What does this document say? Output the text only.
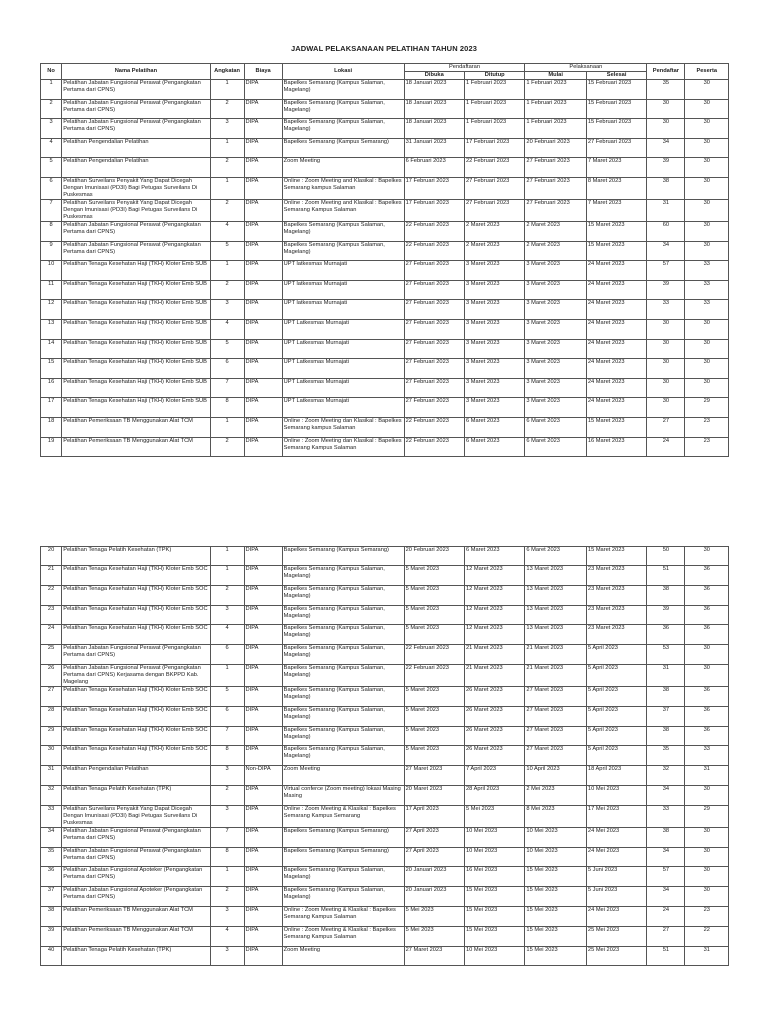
JADWAL PELAKSANAAN PELATIHAN TAHUN 2023
No	Nama Pelatihan	Angkatan	Biaya	Lokasi	Pendaftaran		Pelaksanaan		Pendaftar	Peserta
					Dibuka	Ditutup	Mulai	Selesai		
1	Pelatihan Jabatan Fungsional Perawat (Pengangkatan Pertama dari CPNS)	1	DIPA	Bapelkes Semarang (Kampus Salaman, Magelang)	18 Januari 2023	1 Februari 2023	1 Februari 2023	15 Februari 2023	35	30
2	Pelatihan Jabatan Fungsional Perawat (Pengangkatan Pertama dari CPNS)	2	DIPA	Bapelkes Semarang (Kampus Salaman, Magelang)	18 Januari 2023	1 Februari 2023	1 Februari 2023	15 Februari 2023	30	30
3	Pelatihan Jabatan Fungsional Perawat (Pengangkatan Pertama dari CPNS)	3	DIPA	Bapelkes Semarang (Kampus Salaman, Magelang)	18 Januari 2023	1 Februari 2023	1 Februari 2023	15 Februari 2023	30	30
4	Pelatihan Pengendalian Pelatihan	1	DIPA	Bapelkes Semarang (Kampus Semarang)	31 Januari 2023	17 Februari 2023	20 Februari 2023	27 Februari 2023	34	30
5	Pelatihan Pengendalian Pelatihan	2	DIPA	Zoom Meeting	6 Februari 2023	22 Februari 2023	27 Februari 2023	7 Maret 2023	39	30
6	Pelatihan Surveilans Penyakit Yang Dapat Dicegah Dengan Imunisasi (PD3I) Bagi Petugas Surveilans Di Puskesmas	1	DIPA	Online : Zoom Meeting and Klasikal : Bapelkes Semarang kampus Salaman	17 Februari 2023	27 Februari 2023	27 Februari 2023	8 Maret 2023	38	30
7	Pelatihan Surveilans Penyakit Yang Dapat Dicegah Dengan Imunisasi (PD3I) Bagi Petugas Surveilans Di Puskesmas	2	DIPA	Online : Zoom Meeting and Klasikal : Bapelkes Semarang Kampus Salaman	17 Februari 2023	27 Februari 2023	27 Februari 2023	7 Maret 2023	31	30
8	Pelatihan Jabatan Fungsional Perawat (Pengangkatan Pertama dari CPNS)	4	DIPA	Bapelkes Semarang (Kampus Salaman, Magelang)	22 Februari 2023	2 Maret 2023	2 Maret 2023	15 Maret 2023	60	30
9	Pelatihan Jabatan Fungsional Perawat (Pengangkatan Pertama dari CPNS)	5	DIPA	Bapelkes Semarang (Kampus Salaman, Magelang)	22 Februari 2023	2 Maret 2023	2 Maret 2023	15 Maret 2023	34	30
10	Pelatihan Tenaga Kesehatan Haji (TKH) Kloter Emb SUB	1	DIPA	UPT latkesmas Murnajati	27 Februari 2023	3 Maret 2023	3 Maret 2023	24 Maret 2023	57	33
11	Pelatihan Tenaga Kesehatan Haji (TKH) Kloter Emb SUB	2	DIPA	UPT latkesmas Murnajati	27 Februari 2023	3 Maret 2023	3 Maret 2023	24 Maret 2023	39	33
12	Pelatihan Tenaga Kesehatan Haji (TKH) Kloter Emb SUB	3	DIPA	UPT latkesmas Murnajati	27 Februari 2023	3 Maret 2023	3 Maret 2023	24 Maret 2023	33	33
13	Pelatihan Tenaga Kesehatan Haji (TKH) Kloter Emb SUB	4	DIPA	UPT Latkesmas Murnajati	27 Februari 2023	3 Maret 2023	3 Maret 2023	24 Maret 2023	30	30
14	Pelatihan Tenaga Kesehatan Haji (TKH) Kloter Emb SUB	5	DIPA	UPT Latkesmas Murnajati	27 Februari 2023	3 Maret 2023	3 Maret 2023	24 Maret 2023	30	30
15	Pelatihan Tenaga Kesehatan Haji (TKH) Kloter Emb SUB	6	DIPA	UPT Latkesmas Murnajati	27 Februari 2023	3 Maret 2023	3 Maret 2023	24 Maret 2023	30	30
16	Pelatihan Tenaga Kesehatan Haji (TKH) Kloter Emb SUB	7	DIPA	UPT Latkesmas Murnajati	27 Februari 2023	3 Maret 2023	3 Maret 2023	24 Maret 2023	30	30
17	Pelatihan Tenaga Kesehatan Haji (TKH) Kloter Emb SUB	8	DIPA	UPT Latkesmas Murnajati	27 Februari 2023	3 Maret 2023	3 Maret 2023	24 Maret 2023	30	29
18	Pelatihan Pemeriksaan TB Menggunakan Alat TCM	1	DIPA	Online : Zoom Meeting dan Klasikal : Bapelkes Semarang kampus Salaman	22 Februari 2023	6 Maret 2023	6 Maret 2023	15 Maret 2023	27	23
19	Pelatihan Pemeriksaan TB Menggunakan Alat TCM	2	DIPA	Online : Zoom Meeting dan Klasikal : Bapelkes Semarang Kampus Salaman	22 Februari 2023	6 Maret 2023	6 Maret 2023	16 Maret 2023	24	23
20	Pelatihan Tenaga Pelatih Kesehatan (TPK)	1	DIPA	Bapelkes Semarang (Kampus Semarang)	20 Februari 2023	6 Maret 2023	6 Maret 2023	15 Maret 2023	50	30
21	Pelatihan Tenaga Kesehatan Haji (TKH) Kloter Emb SOC	1	DIPA	Bapelkes Semarang (Kampus Salaman, Magelang)	5 Maret 2023	12 Maret 2023	13 Maret 2023	23 Maret 2023	51	36
22	Pelatihan Tenaga Kesehatan Haji (TKH) Kloter Emb SOC	2	DIPA	Bapelkes Semarang (Kampus Salaman, Magelang)	5 Maret 2023	12 Maret 2023	13 Maret 2023	23 Maret 2023	38	36
23	Pelatihan Tenaga Kesehatan Haji (TKH) Kloter Emb SOC	3	DIPA	Bapelkes Semarang (Kampus Salaman, Magelang)	5 Maret 2023	12 Maret 2023	13 Maret 2023	23 Maret 2023	39	36
24	Pelatihan Tenaga Kesehatan Haji (TKH) Kloter Emb SOC	4	DIPA	Bapelkes Semarang (Kampus Salaman, Magelang)	5 Maret 2023	12 Maret 2023	13 Maret 2023	23 Maret 2023	36	36
25	Pelatihan Jabatan Fungsional Perawat (Pengangkatan Pertama dari CPNS)	6	DIPA	Bapelkes Semarang (Kampus Salaman, Magelang)	22 Februari 2023	21 Maret 2023	21 Maret 2023	5 April 2023	53	30
26	Pelatihan Jabatan Fungsional Perawat (Pengangkatan Pertama dari CPNS) Kerjasama dengan BKPPD Kab. Magelang	1	DIPA	Bapelkes Semarang (Kampus Salaman, Magelang)	22 Februari 2023	21 Maret 2023	21 Maret 2023	5 April 2023	31	30
27	Pelatihan Tenaga Kesehatan Haji (TKH) Kloter Emb SOC	5	DIPA	Bapelkes Semarang (Kampus Salaman, Magelang)	5 Maret 2023	26 Maret 2023	27 Maret 2023	5 April 2023	38	36
28	Pelatihan Tenaga Kesehatan Haji (TKH) Kloter Emb SOC	6	DIPA	Bapelkes Semarang (Kampus Salaman, Magelang)	5 Maret 2023	26 Maret 2023	27 Maret 2023	5 April 2023	37	36
29	Pelatihan Tenaga Kesehatan Haji (TKH) Kloter Emb SOC	7	DIPA	Bapelkes Semarang (Kampus Salaman, Magelang)	5 Maret 2023	26 Maret 2023	27 Maret 2023	5 April 2023	38	36
30	Pelatihan Tenaga Kesehatan Haji (TKH) Kloter Emb SOC	8	DIPA	Bapelkes Semarang (Kampus Salaman, Magelang)	5 Maret 2023	26 Maret 2023	27 Maret 2023	5 April 2023	35	33
31	Pelatihan Pengendalian Pelatihan	3	Non-DIPA	Zoom Meeting	27 Maret 2023	7 April 2023	10 April 2023	18 April 2023	32	31
32	Pelatihan Tenaga Pelatih Kesehatan (TPK)	2	DIPA	Virtual conferce (Zoom meeting) lokasi Masing Masing	20 Maret 2023	28 April 2023	2 Mei 2023	10 Mei 2023	34	30
33	Pelatihan Surveilans Penyakit Yang Dapat Dicegah Dengan Imunisasi (PD3I) Bagi Petugas Surveilans Di Puskesmas	3	DIPA	Online : Zoom Meeting & Klasikal : Bapelkes Semarang Kampus Semarang	17 April 2023	5 Mei 2023	8 Mei 2023	17 Mei 2023	33	29
34	Pelatihan Jabatan Fungsional Perawat (Pengangkatan Pertama dari CPNS)	7	DIPA	Bapelkes Semarang (Kampus Semarang)	27 April 2023	10 Mei 2023	10 Mei 2023	24 Mei 2023	38	30
35	Pelatihan Jabatan Fungsional Perawat (Pengangkatan Pertama dari CPNS)	8	DIPA	Bapelkes Semarang (Kampus Semarang)	27 April 2023	10 Mei 2023	10 Mei 2023	24 Mei 2023	34	30
36	Pelatihan Jabatan Fungsional Apoteker (Pengangkatan Pertama dari CPNS)	1	DIPA	Bapelkes Semarang (Kampus Salaman, Magelang)	20 Januari 2023	16 Mei 2023	15 Mei 2023	5 Juni 2023	57	30
37	Pelatihan Jabatan Fungsional Apoteker (Pengangkatan Pertama dari CPNS)	2	DIPA	Bapelkes Semarang (Kampus Salaman, Magelang)	20 Januari 2023	15 Mei 2023	15 Mei 2023	5 Juni 2023	34	30
38	Pelatihan Pemeriksaan TB Menggunakan Alat TCM	3	DIPA	Online : Zoom Meeting & Klasikal : Bapelkes Semarang Kampus Salaman	5 Mei 2023	15 Mei 2023	15 Mei 2023	24 Mei 2023	24	23
39	Pelatihan Pemeriksaan TB Menggunakan Alat TCM	4	DIPA	Online : Zoom Meeting & Klasikal : Bapelkes Semarang Kampus Salaman	5 Mei 2023	15 Mei 2023	15 Mei 2023	25 Mei 2023	27	22
40	Pelatihan Tenaga Pelatih Kesehatan (TPK)	3	DIPA	Zoom Meeting	27 Maret 2023	10 Mei 2023	15 Mei 2023	25 Mei 2023	51	31
